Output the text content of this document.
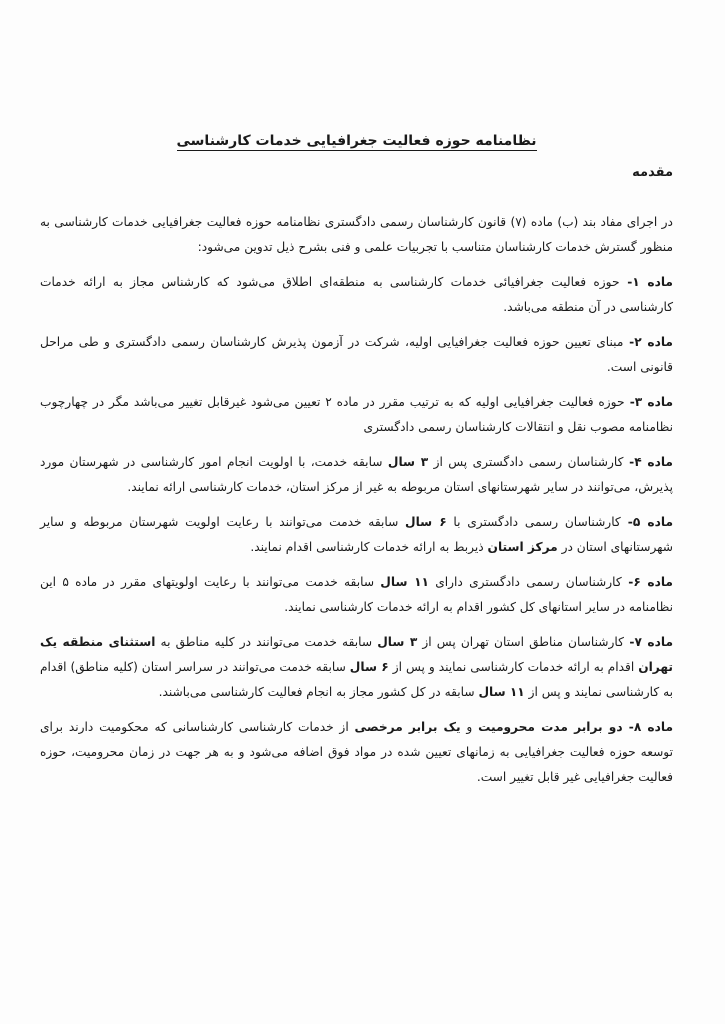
نظامنامه حوزه فعالیت جغرافیایی خدمات کارشناسی

مقدمه

در اجرای مفاد بند (ب) ماده (۷) قانون کارشناسان رسمی دادگستری نظامنامه حوزه فعالیت جغرافیایی خدمات کارشناسی به منظور گسترش خدمات کارشناسان متناسب با تجربیات علمی و فنی بشرح ذیل تدوین می‌شود:

ماده ۱- حوزه فعالیت جغرافیائی خدمات کارشناسی به منطقه‌ای اطلاق می‌شود که کارشناس مجاز به ارائه خدمات کارشناسی در آن منطقه می‌باشد.

ماده ۲- مبنای تعیین حوزه فعالیت جغرافیایی اولیه، شرکت در آزمون پذیرش کارشناسان رسمی دادگستری و طی مراحل قانونی است.

ماده ۳- حوزه فعالیت جغرافیایی اولیه که به ترتیب مقرر در ماده ۲ تعیین می‌شود غیرقابل تغییر می‌باشد مگر در چهارچوب نظامنامه مصوب نقل و انتقالات کارشناسان رسمی دادگستری

ماده ۴- کارشناسان رسمی دادگستری پس از ۳ سال سابقه خدمت، با اولویت انجام امور کارشناسی در شهرستان مورد پذیرش، می‌توانند در سایر شهرستانهای استان مربوطه به غیر از مرکز استان، خدمات کارشناسی ارائه نمایند.

ماده ۵- کارشناسان رسمی دادگستری با ۶ سال سابقه خدمت می‌توانند با رعایت اولویت شهرستان مربوطه و سایر شهرستانهای استان در مرکز استان ذیربط به ارائه خدمات کارشناسی اقدام نمایند.

ماده ۶- کارشناسان رسمی دادگستری دارای ۱۱ سال سابقه خدمت می‌توانند با رعایت اولویتهای مقرر در ماده ۵ این نظامنامه در سایر استانهای کل کشور اقدام به ارائه خدمات کارشناسی نمایند.

ماده ۷- کارشناسان مناطق استان تهران پس از ۳ سال سابقه خدمت می‌توانند در کلیه مناطق به استثنای منطقه یک تهران اقدام به ارائه خدمات کارشناسی نمایند و پس از ۶ سال سابقه خدمت می‌توانند در سراسر استان (کلیه مناطق) اقدام به کارشناسی نمایند و پس از ۱۱ سال سابقه در کل کشور مجاز به انجام فعالیت کارشناسی می‌باشند.

ماده ۸- دو برابر مدت محرومیت و یک برابر مرخصی از خدمات کارشناسی کارشناسانی که محکومیت دارند برای توسعه حوزه فعالیت جغرافیایی به زمانهای تعیین شده در مواد فوق اضافه می‌شود و به هر جهت در زمان محرومیت، حوزه فعالیت جغرافیایی غیر قابل تغییر است.
